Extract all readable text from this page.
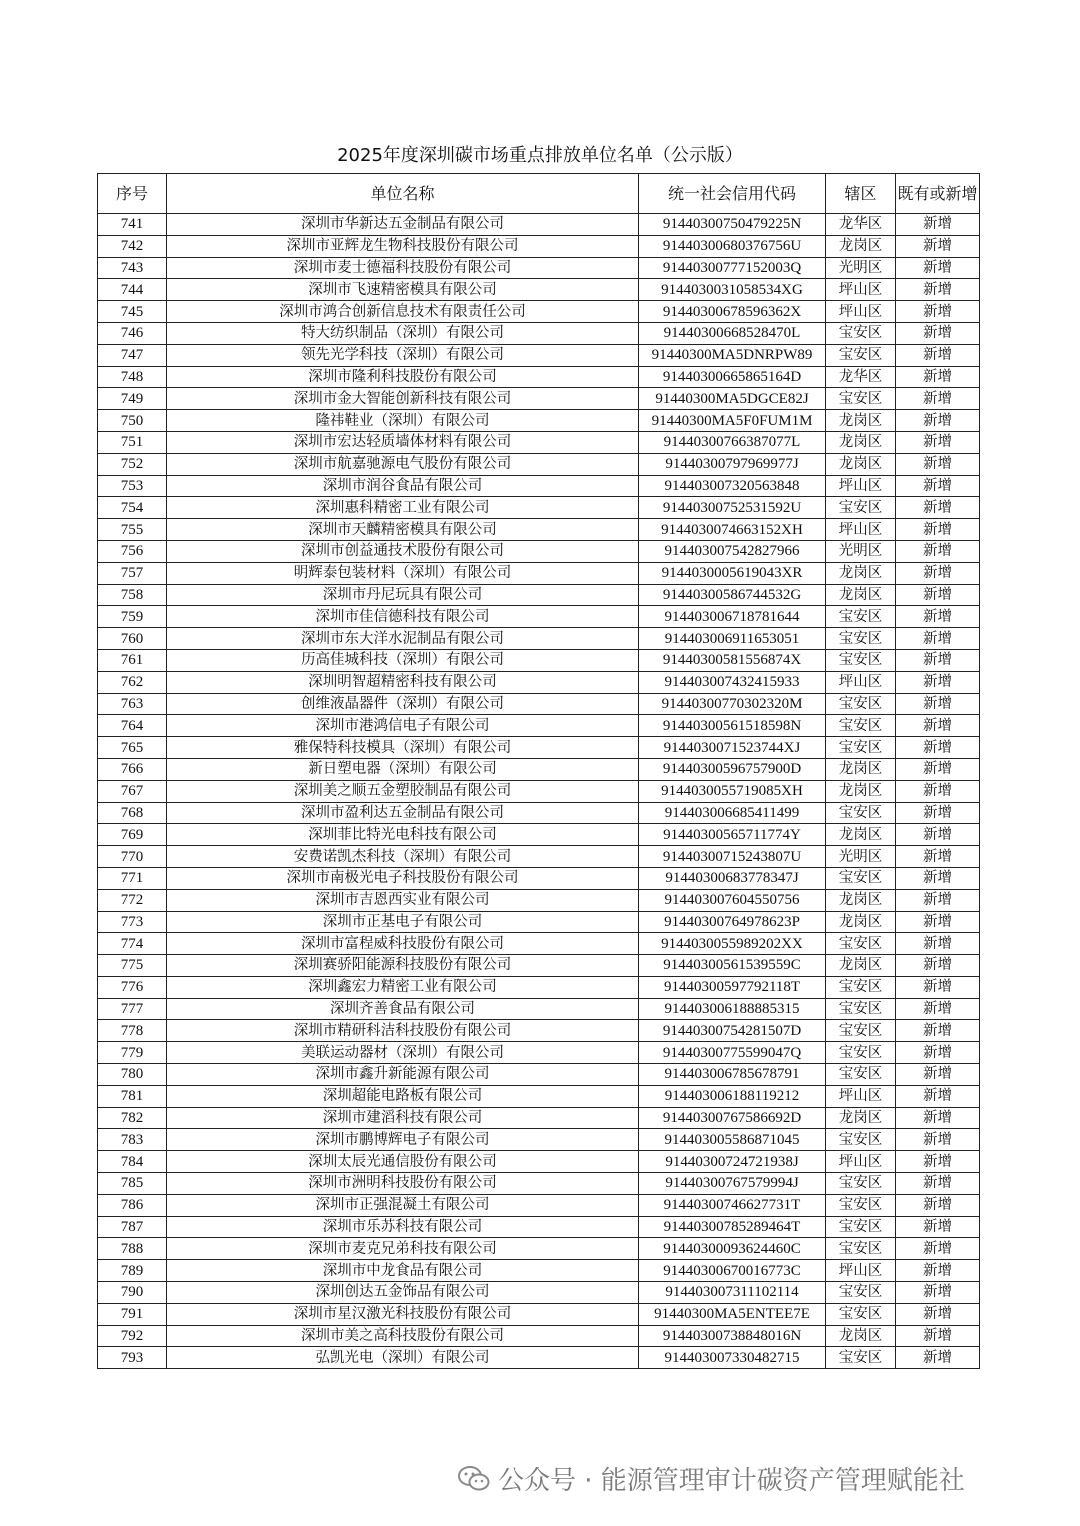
2025年度深圳碳市场重点排放单位名单（公示版）
序号	单位名称	统一社会信用代码	辖区	既有或新增
741	深圳市华新达五金制品有限公司	91440300750479225N	龙华区	新增
742	深圳市亚辉龙生物科技股份有限公司	91440300680376756U	龙岗区	新增
743	深圳市麦士德福科技股份有限公司	91440300777152003Q	光明区	新增
744	深圳市飞速精密模具有限公司	9144030031058534XG	坪山区	新增
745	深圳市鸿合创新信息技术有限责任公司	91440300678596362X	坪山区	新增
746	特大纺织制品（深圳）有限公司	91440300668528470L	宝安区	新增
747	领先光学科技（深圳）有限公司	91440300MA5DNRPW89	宝安区	新增
748	深圳市隆利科技股份有限公司	91440300665865164D	龙华区	新增
749	深圳市金大智能创新科技有限公司	91440300MA5DGCE82J	宝安区	新增
750	隆祎鞋业（深圳）有限公司	91440300MA5F0FUM1M	龙岗区	新增
751	深圳市宏达轻质墙体材料有限公司	91440300766387077L	龙岗区	新增
752	深圳市航嘉驰源电气股份有限公司	91440300797969977J	龙岗区	新增
753	深圳市润谷食品有限公司	914403007320563848	坪山区	新增
754	深圳惠科精密工业有限公司	91440300752531592U	宝安区	新增
755	深圳市天麟精密模具有限公司	9144030074663152XH	坪山区	新增
756	深圳市创益通技术股份有限公司	914403007542827966	光明区	新增
757	明辉泰包装材料（深圳）有限公司	9144030005619043XR	龙岗区	新增
758	深圳市丹尼玩具有限公司	91440300586744532G	龙岗区	新增
759	深圳市佳信德科技有限公司	914403006718781644	宝安区	新增
760	深圳市东大洋水泥制品有限公司	914403006911653051	宝安区	新增
761	历高佳城科技（深圳）有限公司	91440300581556874X	宝安区	新增
762	深圳明智超精密科技有限公司	914403007432415933	坪山区	新增
763	创维液晶器件（深圳）有限公司	91440300770302320M	宝安区	新增
764	深圳市港鸿信电子有限公司	91440300561518598N	宝安区	新增
765	雅保特科技模具（深圳）有限公司	9144030071523744XJ	宝安区	新增
766	新日塑电器（深圳）有限公司	91440300596757900D	龙岗区	新增
767	深圳美之顺五金塑胶制品有限公司	9144030055719085XH	龙岗区	新增
768	深圳市盈利达五金制品有限公司	914403006685411499	宝安区	新增
769	深圳菲比特光电科技有限公司	91440300565711774Y	龙岗区	新增
770	安费诺凯杰科技（深圳）有限公司	91440300715243807U	光明区	新增
771	深圳市南极光电子科技股份有限公司	91440300683778347J	宝安区	新增
772	深圳市吉恩西实业有限公司	914403007604550756	龙岗区	新增
773	深圳市正基电子有限公司	91440300764978623P	龙岗区	新增
774	深圳市富程威科技股份有限公司	9144030055989202XX	宝安区	新增
775	深圳赛骄阳能源科技股份有限公司	91440300561539559C	龙岗区	新增
776	深圳鑫宏力精密工业有限公司	91440300597792118T	宝安区	新增
777	深圳齐善食品有限公司	914403006188885315	宝安区	新增
778	深圳市精研科洁科技股份有限公司	91440300754281507D	宝安区	新增
779	美联运动器材（深圳）有限公司	91440300775599047Q	宝安区	新增
780	深圳市鑫升新能源有限公司	914403006785678791	宝安区	新增
781	深圳超能电路板有限公司	914403006188119212	坪山区	新增
782	深圳市建滔科技有限公司	91440300767586692D	龙岗区	新增
783	深圳市鹏博辉电子有限公司	914403005586871045	宝安区	新增
784	深圳太辰光通信股份有限公司	91440300724721938J	坪山区	新增
785	深圳市洲明科技股份有限公司	91440300767579994J	宝安区	新增
786	深圳市正强混凝土有限公司	91440300746627731T	宝安区	新增
787	深圳市乐苏科技有限公司	91440300785289464T	宝安区	新增
788	深圳市麦克兄弟科技有限公司	91440300093624460C	宝安区	新增
789	深圳市中龙食品有限公司	91440300670016773C	坪山区	新增
790	深圳创达五金饰品有限公司	914403007311102114	宝安区	新增
791	深圳市星汉激光科技股份有限公司	91440300MA5ENTEE7E	宝安区	新增
792	深圳市美之高科技股份有限公司	91440300738848016N	龙岗区	新增
793	弘凯光电（深圳）有限公司	914403007330482715	宝安区	新增
公众号 · 能源管理审计碳资产管理赋能社
